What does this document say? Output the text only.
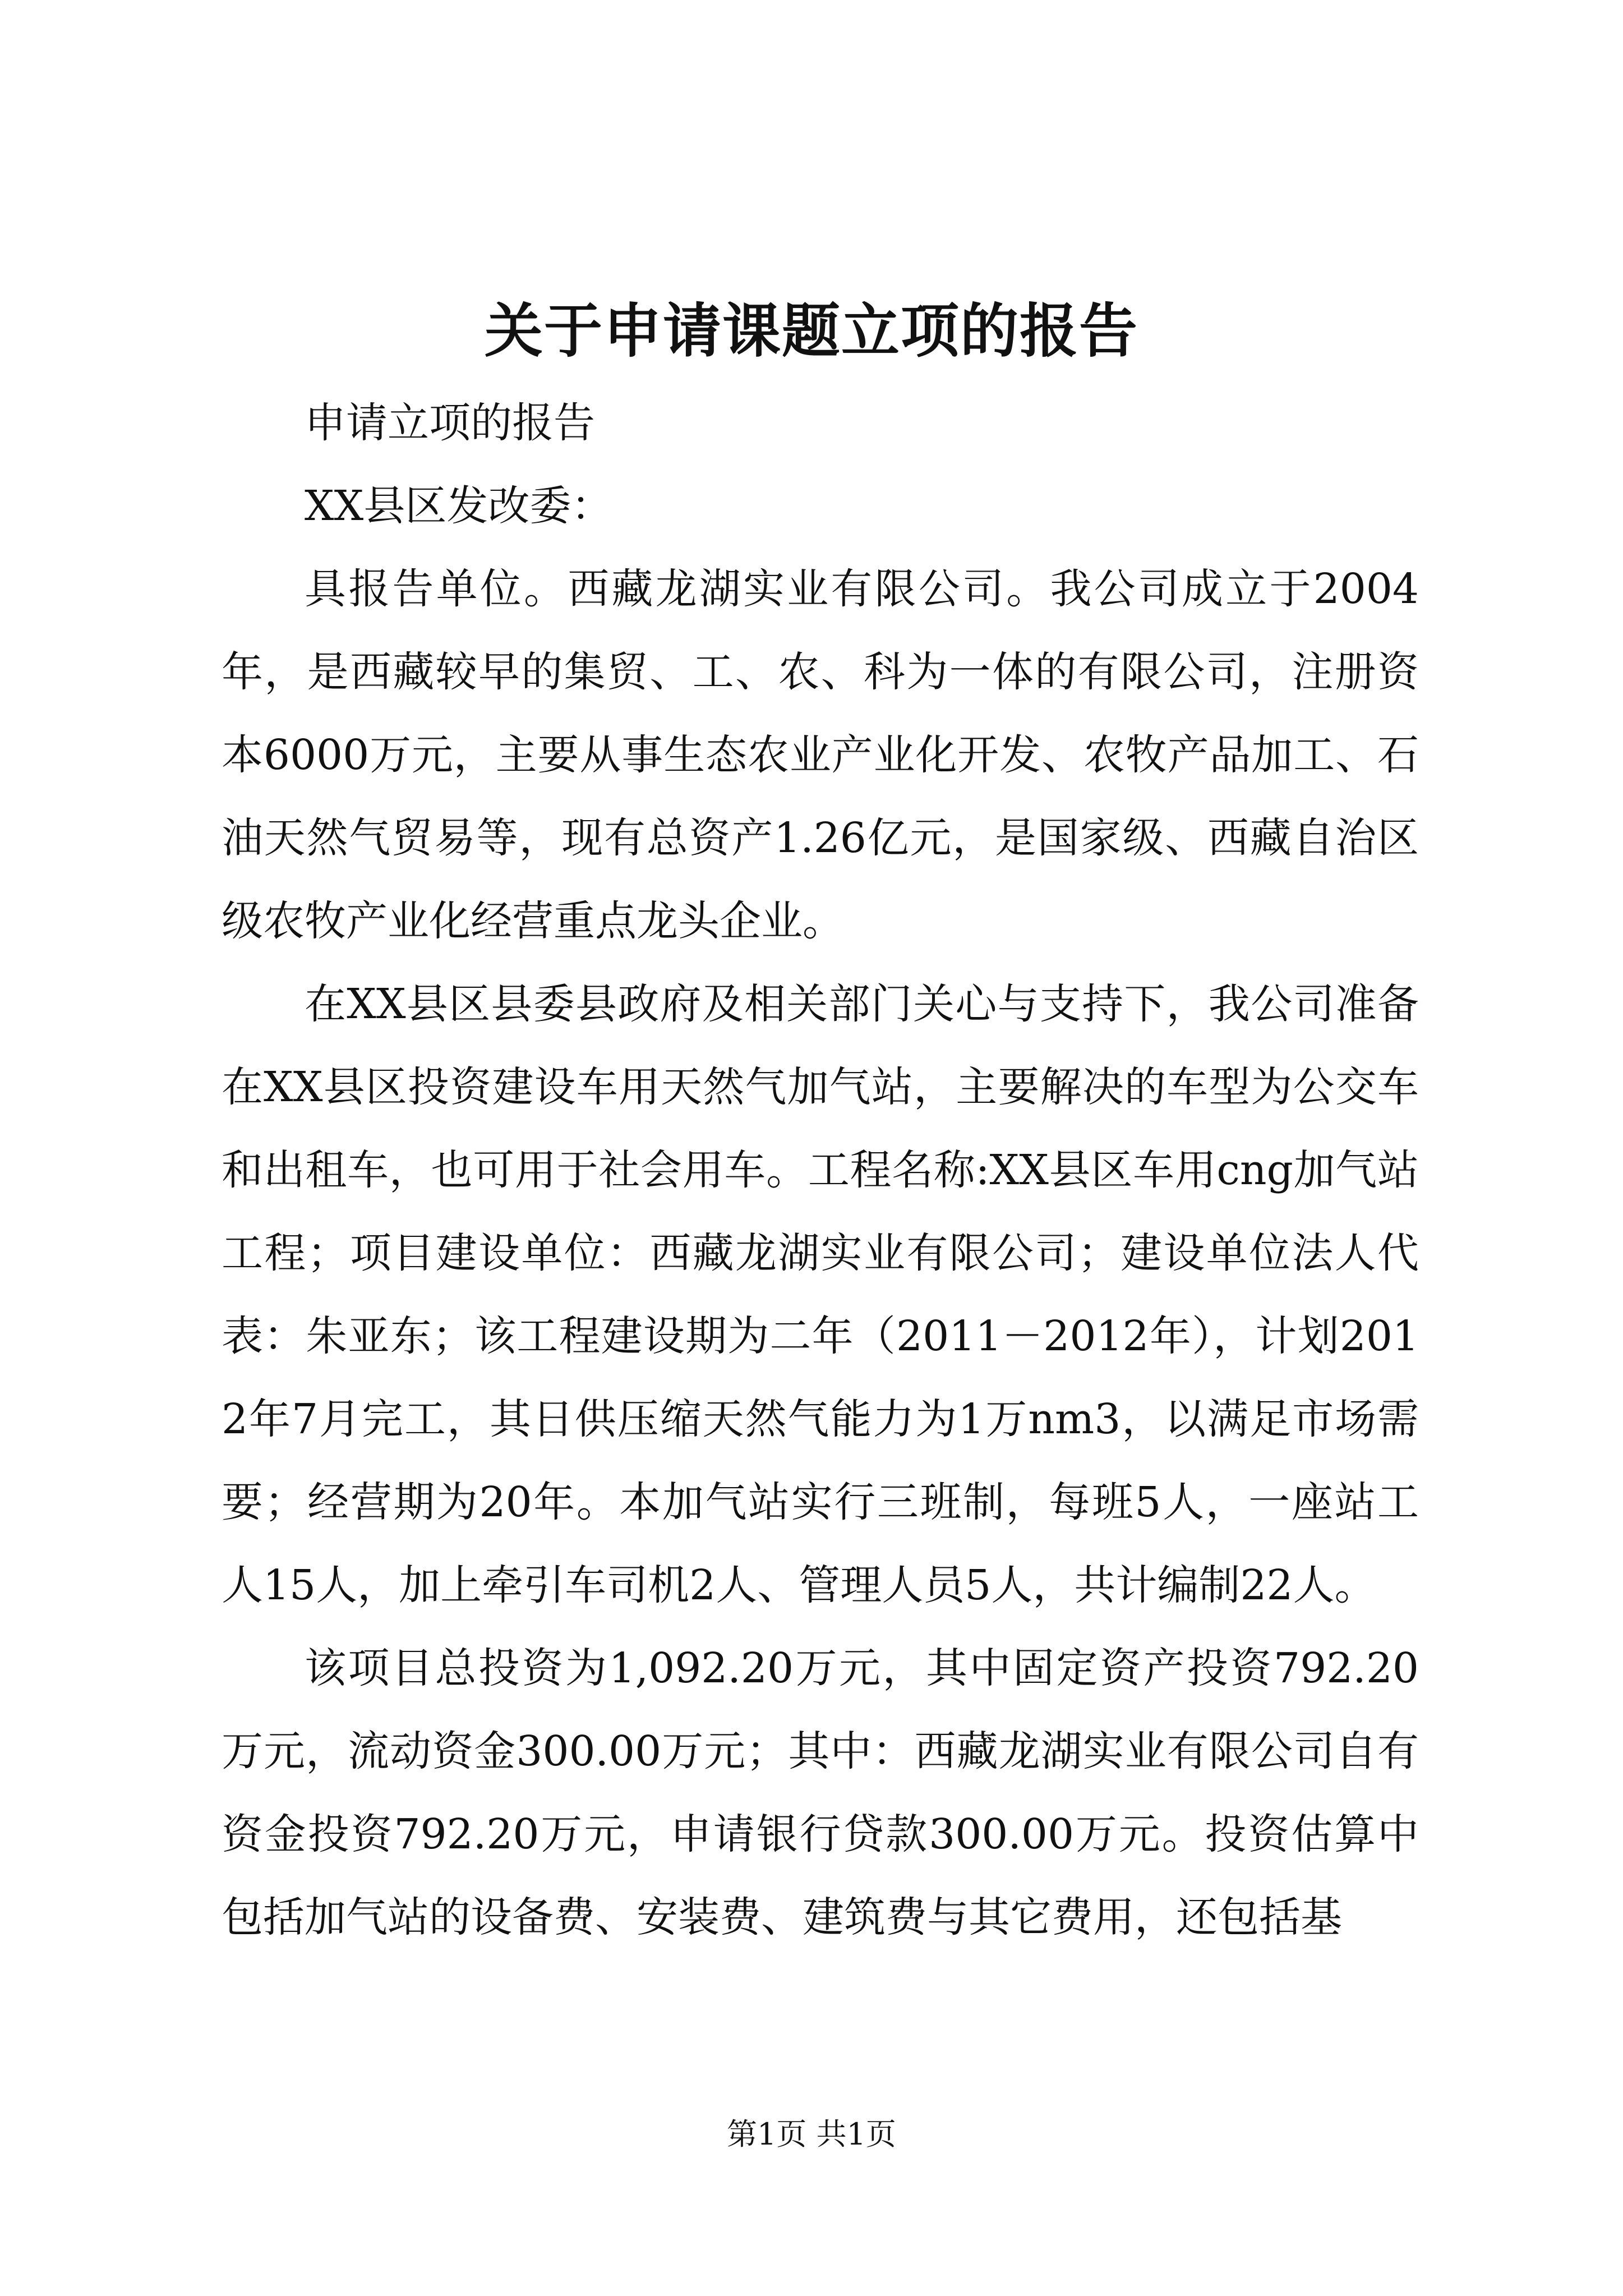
关于申请课题立项的报告

申请立项的报告

XX县区发改委：

具报告单位。西藏龙湖实业有限公司。我公司成立于2004年，是西藏较早的集贸、工、农、科为一体的有限公司，注册资本6000万元，主要从事生态农业产业化开发、农牧产品加工、石油天然气贸易等，现有总资产1.26亿元，是国家级、西藏自治区级农牧产业化经营重点龙头企业。

在XX县区县委县政府及相关部门关心与支持下，我公司准备在XX县区投资建设车用天然气加气站，主要解决的车型为公交车和出租车，也可用于社会用车。工程名称:XX县区车用cng加气站工程；项目建设单位：西藏龙湖实业有限公司；建设单位法人代表：朱亚东；该工程建设期为二年（2011－2012年），计划2012年7月完工，其日供压缩天然气能力为1万nm3，以满足市场需要；经营期为20年。本加气站实行三班制，每班5人，一座站工人15人，加上牵引车司机2人、管理人员5人，共计编制22人。

该项目总投资为1,092.20万元，其中固定资产投资792.20万元，流动资金300.00万元；其中：西藏龙湖实业有限公司自有资金投资792.20万元，申请银行贷款300.00万元。投资估算中包括加气站的设备费、安装费、建筑费与其它费用，还包括基

第1页 共1页
